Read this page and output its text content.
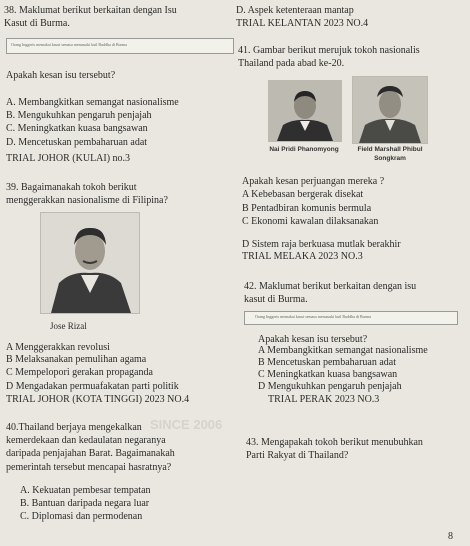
38. Maklumat berikut berkaitan dengan Isu
Kasut di Burma.
Orang Inggeris memakai kasut semasa memasuki kuil Buddha di Burma
Apakah kesan isu tersebut?
A. Membangkitkan semangat nasionalisme
B. Mengukuhkan pengaruh penjajah
C. Meningkatkan kuasa bangsawan
D. Mencetuskan pembaharuan adat
TRIAL JOHOR (KULAI) no.3
39. Bagaimanakah tokoh berikut
menggerakkan nasionalisme di Filipina?
Jose Rizal
A Menggerakkan revolusi
B Melaksanakan pemulihan agama
C Mempelopori gerakan propaganda
D Mengadakan permuafakatan parti politik
TRIAL JOHOR (KOTA TINGGI) 2023 NO.4
40.Thailand berjaya mengekalkan
kemerdekaan dan kedaulatan negaranya
daripada penjajahan Barat. Bagaimanakah
pemerintah tersebut mencapai hasratnya?
A. Kekuatan pembesar tempatan
B. Bantuan daripada negara luar
C. Diplomasi dan permodenan
D. Aspek ketenteraan mantap
TRIAL KELANTAN 2023 NO.4
41. Gambar berikut merujuk tokoh nasionalis
Thailand pada abad ke-20.
Nai Pridi Phanomyong	Field Marshall Phibul
Songkram
Apakah kesan perjuangan mereka ?
A Kebebasan bergerak disekat
B Pentadbiran komunis bermula
C Ekonomi kawalan dilaksanakan
D Sistem raja berkuasa mutlak berakhir
TRIAL MELAKA 2023 NO.3
42. Maklumat berikut berkaitan dengan isu
kasut di Burma.
Orang Inggeris memakai kasut semasa memasuki kuil Buddha di Burma
Apakah kesan isu tersebut?
A Membangkitkan semangat nasionalisme
B Mencetuskan pembaharuan adat
C Meningkatkan kuasa bangsawan
D Mengukuhkan pengaruh penjajah
TRIAL PERAK 2023 NO.3
SINCE 2006
43. Mengapakah tokoh berikut menubuhkan
Parti Rakyat di Thailand?
8
